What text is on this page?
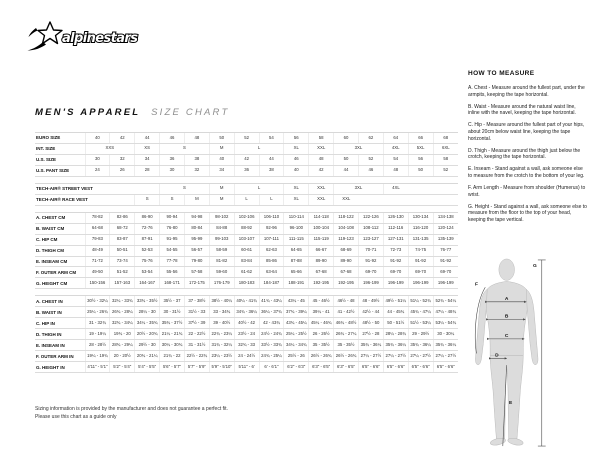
alpinestars
MEN'S APPAREL SIZE CHART
EURO SIZE	40	42	44	46	48	50	52	54	56	58	60	62	64	66	68
INT. SIZE	XXS		XS	S		M	L		XL	XXL	3XL		4XL	5XL	6XL
U.S. SIZE	30	32	34	36	38	40	42	44	46	48	50	52	54	56	58
U.S. PANT SIZE	24	26	28	30	32	34	36	38	40	42	44	46	48	50	52

TECH-AIR® STREET VEST				S		M	L		XL	XXL	3XL		4XL		
TECH-AIR® RACE VEST			S	S	M	M	L	L	XL	XXL	XXL				

A. CHEST CM	78-82	82-86	86-90	90-94	94-98	98-102	102-106	106-110	110-114	114-118	118-122	122-126	126-130	130-134	134-138
B. WAIST CM	64-68	68-72	72-76	76-80	80-84	84-88	88-92	92-96	96-100	100-104	104-108	108-112	112-116	116-120	120-124
C. HIP CM	79-83	83-87	87-91	91-95	95-99	99-103	103-107	107-111	111-115	115-119	119-123	123-127	127-131	131-135	135-139
D. THIGH CM	48-49	50-51	52-53	54-55	56-57	58-59	60-61	62-63	64-65	66-67	68-69	70-71	72-73	74-75	76-77
E. INSEAM CM	71-72	73-74	75-76	77-78	79-80	81-82	83-84	85-86	87-88	89-90	89-90	91-92	91-92	91-92	91-92
F. OUTER ARM CM	49-50	51-52	53-54	55-56	57-58	59-60	61-62	63-64	65-66	67-68	67-68	69-70	69-70	69-70	69-70
G. HEIGHT CM	150-156	157-163	164-167	168-171	172-175	176-179	180-183	184-187	188-191	192-195	192-195	196-199	196-199	196-199	196-199

A. CHEST IN	30½ - 32¼	32¼ - 33¾	33¾ - 35½	35½ - 37	37 - 38½	38½ - 40¼	40¼ - 41¾	41¾ - 43¼	43¼ - 45	45 - 46½	46½ - 48	48 - 49½	49½ - 51¼	51¼ - 52¾	52¾ - 54¼
B. WAIST IN	25¼ - 26¾	26¾ - 28¼	28¼ - 30	30 - 31½	31½ - 33	33 - 34¾	34¾ - 36¼	36¼ - 37¾	37¾ - 39¼	39¼ - 41	41 - 42½	42½ - 44	44 - 45¾	45¾ - 47¼	47¼ - 48¾
C. HIP IN	31 - 32¾	32¾ - 34¼	34¼ - 35¾	35¾ - 37½	37½ - 39	39 - 40½	40½ - 42	42 - 43¾	43¾ - 45¼	45¼ - 46¾	46¾ - 48½	48½ - 50	50 - 51½	51½ - 53¼	53¼ - 54¾
D. THIGH IN	19 - 19¼	19¾ - 20	20½ - 20¾	21¼ - 21¾	22 - 22½	22¾ - 23¼	23½ - 24	24½ - 24¾	25¼ - 25½	26 - 26½	26¾ - 27¼	27½ - 28	28¼ - 28¾	29 - 29½	30 - 30¼
E. INSEAM IN	28 - 28½	28¾ - 29¼	29½ - 30	30¼ - 30¾	31 - 31½	31¾ - 32¼	32¾ - 33	33½ - 33¾	34¼ - 34¾	35 - 35½	35 - 35½	35¾ - 36¼	35¾ - 36¼	35¾ - 36¼	35¾ - 36¼
F. OUTER ARM IN	19¼ - 19¾	20 - 20½	20¾ - 21¼	21¾ - 22	22½ - 22¾	23¼ - 23½	24 - 24½	24¾ - 25¼	25½ - 26	26½ - 26¾	26½ - 26¾	27¼ - 27½	27¼ - 27½	27¼ - 27½	27¼ - 27½
G. HEIGHT IN	4'11" - 5'1"	5'2" - 5'4"	5'4" - 5'5"	5'6" - 5'7"	5'7" - 5'9"	5'9" - 5'10"	5'11" - 6'	6' - 6'1"	6'2" - 6'3"	6'3" - 6'5"	6'3" - 6'5"	6'5" - 6'6"	6'5" - 6'6"	6'5" - 6'6"	6'5" - 6'6"
Sizing information is provided by the manufacturer and does not guarantee a perfect fit.
Please use this chart as a guide only
HOW TO MEASURE

A. Chest - Measure around the fullest part, under the armpits, keeping the tape horizontal.

B. Waist - Measure around the natural waist line, inline with the navel, keeping the tape horizontal.

C. Hip - Measure around the fullest part of your hips, about 20cm below waist line, keeping the tape horizontal.

D. Thigh - Measure around the thigh just below the crotch, keeping the tape horizontal.

E. Inseam - Stand against a wall, ask someone else to measure from the crotch to the bottom of your leg.

F. Arm Length - Measure from shoulder (Humerus) to wrist.

G. Height - Stand against a wall, ask someone else to measure from the floor to the top of your head, keeping the tape vertical.

A
B
C
D
E
F
G
